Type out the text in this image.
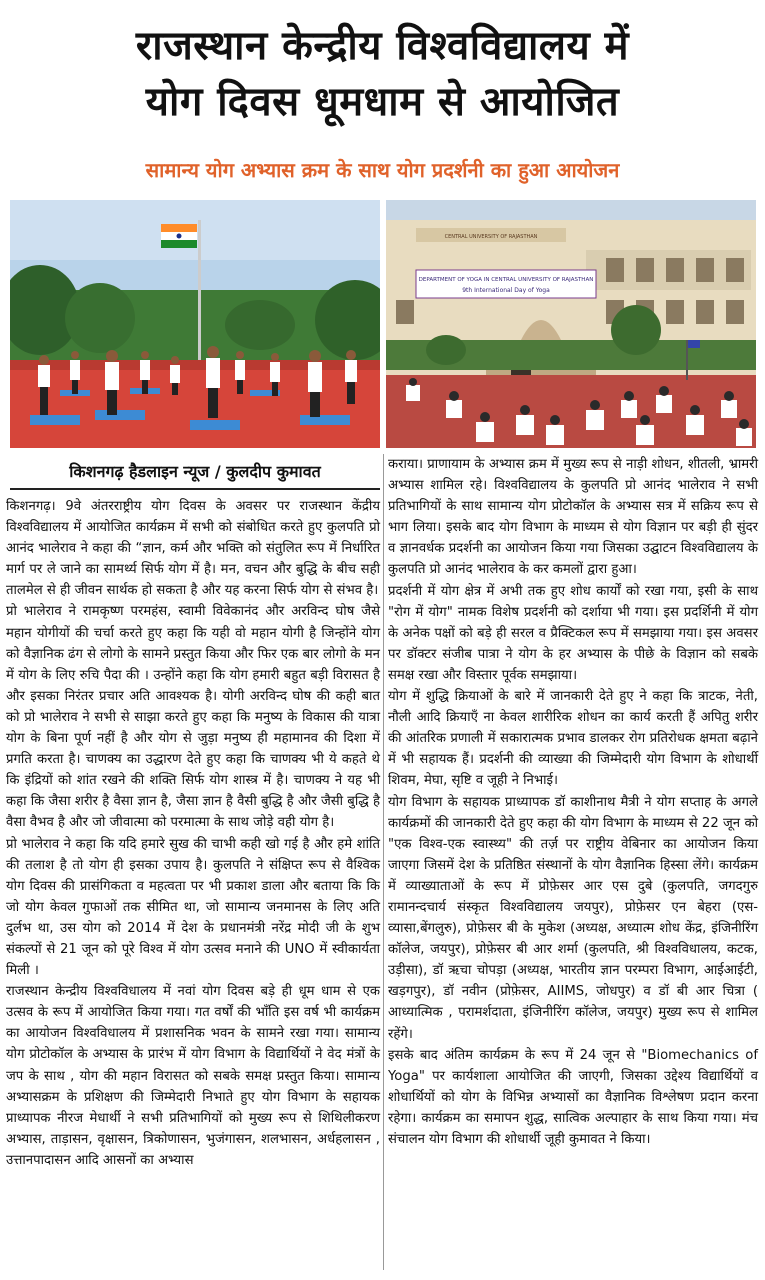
राजस्थान केन्द्रीय विश्वविद्यालय में
योग दिवस धूमधाम से आयोजित
सामान्य योग अभ्यास क्रम के साथ योग प्रदर्शनी का हुआ आयोजन
DEPARTMENT OF YOGA IN CENTRAL UNIVERSITY OF RAJASTHAN
9th International Day of Yoga
CENTRAL UNIVERSITY OF RAJASTHAN
किशनगढ़ हैडलाइन न्यूज / कुलदीप कुमावत

किशनगढ़। 9वे अंतरराष्ट्रीय योग दिवस के अवसर पर राजस्थान केंद्रीय विश्वविद्यालय में आयोजित कार्यक्रम में सभी को संबोधित करते हुए कुलपति प्रो आनंद भालेराव ने कहा की “ज्ञान, कर्म और भक्ति को संतुलित रूप में निर्धारित मार्ग पर ले जाने का सामर्थ्य सिर्फ योग में है। मन, वचन और बुद्धि के बीच सही तालमेल से ही जीवन सार्थक हो सकता है और यह करना सिर्फ योग से संभव है।

प्रो भालेराव ने रामकृष्ण परमहंस, स्वामी विवेकानंद और अरविन्द घोष जैसे महान योगीयों की चर्चा करते हुए कहा कि यही वो महान योगी है जिन्होंने योग को वैज्ञानिक ढंग से लोगो के सामने प्रस्तुत किया और फिर एक बार लोगो के मन में योग के लिए रुचि पैदा की । उन्होंने कहा कि योग हमारी बहुत बड़ी विरासत है और इसका निरंतर प्रचार अति आवश्यक है। योगी अरविन्द घोष की कही बात को प्रो भालेराव ने सभी से साझा करते हुए कहा कि मनुष्य के विकास की यात्रा योग के बिना पूर्ण नहीं है और योग से जुड़ा मनुष्य ही महामानव की दिशा में प्रगति करता है। चाणक्य का उद्धारण देते हुए कहा कि चाणक्य भी ये कहते थे कि इंद्रियों को शांत रखने की शक्ति सिर्फ योग शास्त्र में है। चाणक्य ने यह भी कहा कि जैसा शरीर है वैसा ज्ञान है, जैसा ज्ञान है वैसी बुद्धि है और जैसी बुद्धि है वैसा वैभव है और जो जीवात्मा को परमात्मा के साथ जोड़े वही योग है।

प्रो भालेराव ने कहा कि यदि हमारे सुख की चाभी कही खो गई है और हमे शांति की तलाश है तो योग ही इसका उपाय है। कुलपति ने संक्षिप्त रूप से वैश्विक योग दिवस की प्रासंगिकता व महत्वता पर भी प्रकाश डाला और बताया कि कि जो योग केवल गुफाओं तक सीमित था, जो सामान्य जनमानस के लिए अति दुर्लभ था, उस योग को 2014 में देश के प्रधानमंत्री नरेंद्र मोदी जी के शुभ संकल्पों से 21 जून को पूरे विश्व में योग उत्सव मनाने की UNO में स्वीकार्यता मिली ।

राजस्थान केन्द्रीय विश्वविधालय में नवां योग दिवस बड़े ही धूम धाम से एक उत्सव के रूप में आयोजित किया गया। गत वर्षों की भाँति इस वर्ष भी कार्यक्रम का आयोजन विश्वविधालय में प्रशासनिक भवन के सामने रखा गया। सामान्य योग प्रोटोकॉल के अभ्यास के प्रारंभ में योग विभाग के विद्यार्थियों ने वेद मंत्रों के जप के साथ , योग की महान विरासत को सबके समक्ष प्रस्तुत किया। सामान्य अभ्यासक्रम के प्रशिक्षण की जिम्मेदारी निभाते हुए योग विभाग के सहायक प्राध्यापक नीरज मेधार्थी ने सभी प्रतिभागियों को मुख्य रूप से शिथिलीकरण अभ्यास, ताड़ासन, वृक्षासन, त्रिकोणासन, भुजंगासन, शलभासन, अर्धहलासन , उत्तानपादासन आदि आसनों का अभ्यास

कराया। प्राणायाम के अभ्यास क्रम में मुख्य रूप से नाड़ी शोधन, शीतली, भ्रामरी अभ्यास शामिल रहे। विश्वविद्यालय के कुलपति प्रो आनंद भालेराव ने सभी प्रतिभागियों के साथ सामान्य योग प्रोटोकॉल के अभ्यास सत्र में सक्रिय रूप से भाग लिया। इसके बाद योग विभाग के माध्यम से योग विज्ञान पर बड़ी ही सुंदर व ज्ञानवर्धक प्रदर्शनी का आयोजन किया गया जिसका उद्घाटन विश्वविद्यालय के कुलपति प्रो आनंद भालेराव के कर कमलों द्वारा हुआ।

प्रदर्शनी में योग क्षेत्र में अभी तक हुए शोध कार्यों को रखा गया, इसी के साथ "रोग में योग" नामक विशेष प्रदर्शनी को दर्शाया भी गया। इस प्रदर्शिनी में योग के अनेक पक्षों को बड़े ही सरल व प्रैक्टिकल रूप में समझाया गया। इस अवसर पर डॉक्टर संजीब पात्रा ने योग के हर अभ्यास के पीछे के विज्ञान को सबके समक्ष रखा और विस्तार पूर्वक समझाया।

योग में शुद्धि क्रियाओं के बारे में जानकारी देते हुए ने कहा कि त्राटक, नेती, नौली आदि क्रियाएँ ना केवल शारीरिक शोधन का कार्य करती हैं अपितु शरीर की आंतरिक प्रणाली में सकारात्मक प्रभाव डालकर रोग प्रतिरोधक क्षमता बढ़ाने में भी सहायक हैं। प्रदर्शनी की व्याख्या की जिम्मेदारी योग विभाग के शोधार्थी शिवम, मेघा, सृष्टि व जूही ने निभाई।

योग विभाग के सहायक प्राध्यापक डॉ काशीनाथ मैत्री ने योग सप्ताह के अगले कार्यक्रमों की जानकारी देते हुए कहा की योग विभाग के माध्यम से 22 जून को "एक विश्व-एक स्वास्थ्य" की तर्ज़ पर राष्ट्रीय वेबिनार का आयोजन किया जाएगा जिसमें देश के प्रतिष्ठित संस्थानों के योग वैज्ञानिक हिस्सा लेंगे। कार्यक्रम में व्याख्याताओं के रूप में प्रोफ़ेसर आर एस दुबे (कुलपति, जगदगुरु रामानन्दचार्य संस्कृत विश्वविद्यालय जयपुर), प्रोफ़ेसर एन बेहरा (एस-व्यासा,बेंगलुरु), प्रोफ़ेसर बी के मुकेश (अध्यक्ष, अध्यात्म शोध केंद्र, इंजिनीरिंग कॉलेज, जयपुर), प्रोफ़ेसर बी आर शर्मा (कुलपति, श्री विश्वविधालय, कटक, उड़ीसा), डॉ ऋचा चोपड़ा (अध्यक्ष, भारतीय ज्ञान परम्परा विभाग, आईआईटी, खड़गपुर), डॉ नवीन (प्रोफ़ेसर, AIIMS, जोधपुर) व डॉ बी आर चित्रा ( आध्यात्मिक , परामर्शदाता, इंजिनीरिंग कॉलेज, जयपुर) मुख्य रूप से शामिल रहेंगे।

इसके बाद अंतिम कार्यक्रम के रूप में 24 जून से "Biomechanics of Yoga" पर कार्यशाला आयोजित की जाएगी, जिसका उद्देश्य विद्यार्थियों व शोधार्थियों को योग के विभिन्न अभ्यासों का वैज्ञानिक विश्लेषण प्रदान करना रहेगा। कार्यक्रम का समापन शुद्ध, सात्विक अल्पाहार के साथ किया गया। मंच संचालन योग विभाग की शोधार्थी जूही कुमावत ने किया।
